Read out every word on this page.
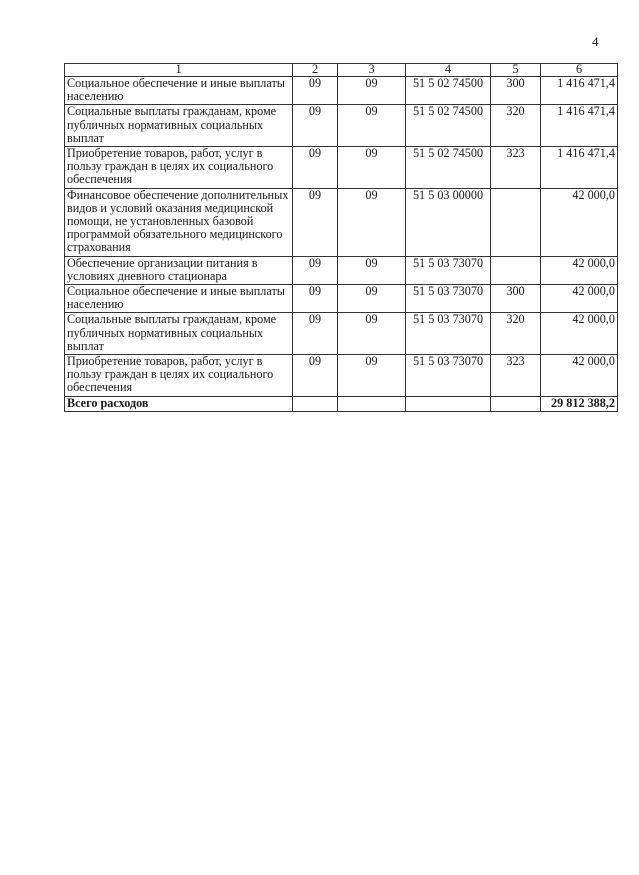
4
1	2	3	4	5	6
Социальное обеспечение и иные выплаты населению	09	09	51 5 02 74500	300	1 416 471,4
Социальные выплаты гражданам, кроме публичных нормативных социальных выплат	09	09	51 5 02 74500	320	1 416 471,4
Приобретение товаров, работ, услуг в пользу граждан в целях их социального обеспечения	09	09	51 5 02 74500	323	1 416 471,4
Финансовое обеспечение дополнительных видов и условий оказания медицинской помощи, не установленных базовой программой обязательного медицинского страхования	09	09	51 5 03 00000		42 000,0
Обеспечение организации питания в условиях дневного стационара	09	09	51 5 03 73070		42 000,0
Социальное обеспечение и иные выплаты населению	09	09	51 5 03 73070	300	42 000,0
Социальные выплаты гражданам, кроме публичных нормативных социальных выплат	09	09	51 5 03 73070	320	42 000,0
Приобретение товаров, работ, услуг в пользу граждан в целях их социального обеспечения	09	09	51 5 03 73070	323	42 000,0
Всего расходов					29 812 388,2
